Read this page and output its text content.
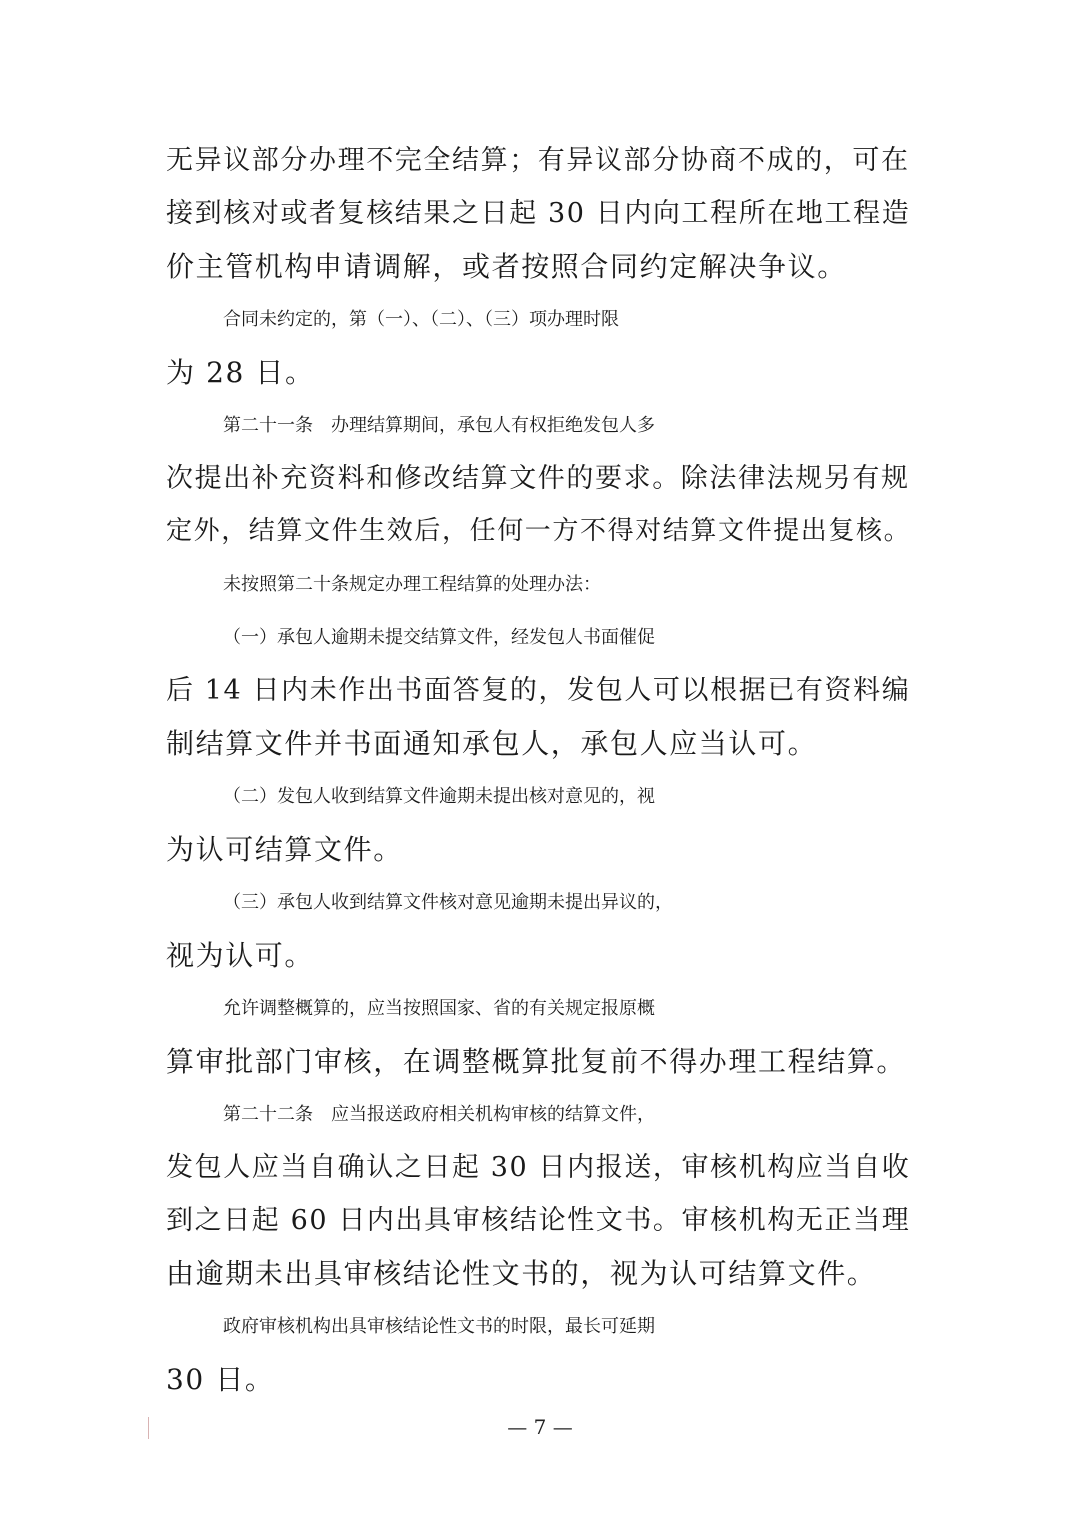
无异议部分办理不完全结算；有异议部分协商不成的，可在
接到核对或者复核结果之日起 30 日内向工程所在地工程造
价主管机构申请调解，或者按照合同约定解决争议。
合同未约定的，第（一）、（二）、（三）项办理时限
为 28 日。
第二十一条　办理结算期间，承包人有权拒绝发包人多
次提出补充资料和修改结算文件的要求。除法律法规另有规
定外，结算文件生效后，任何一方不得对结算文件提出复核。
未按照第二十条规定办理工程结算的处理办法：
（一）承包人逾期未提交结算文件，经发包人书面催促
后 14 日内未作出书面答复的，发包人可以根据已有资料编
制结算文件并书面通知承包人，承包人应当认可。
（二）发包人收到结算文件逾期未提出核对意见的，视
为认可结算文件。
（三）承包人收到结算文件核对意见逾期未提出异议的，
视为认可。
允许调整概算的，应当按照国家、省的有关规定报原概
算审批部门审核，在调整概算批复前不得办理工程结算。
第二十二条　应当报送政府相关机构审核的结算文件，
发包人应当自确认之日起 30 日内报送，审核机构应当自收
到之日起 60 日内出具审核结论性文书。审核机构无正当理
由逾期未出具审核结论性文书的，视为认可结算文件。
政府审核机构出具审核结论性文书的时限，最长可延期
30 日。
— 7 —
